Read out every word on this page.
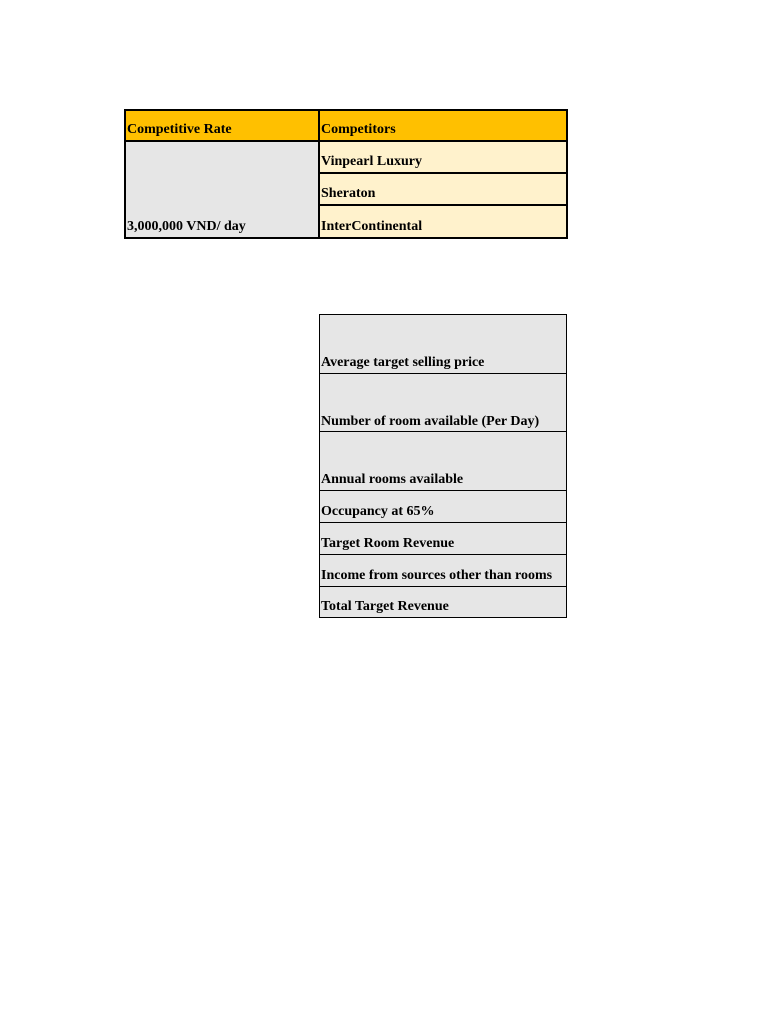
Competitive Rate	Competitors
3,000,000 VND/ day
Vinpearl Luxury
Sheraton
InterContinental
Average target selling price
Number of room available (Per Day)
Annual rooms available
Occupancy at 65%
Target Room Revenue
Income from sources other than rooms
Total Target Revenue
